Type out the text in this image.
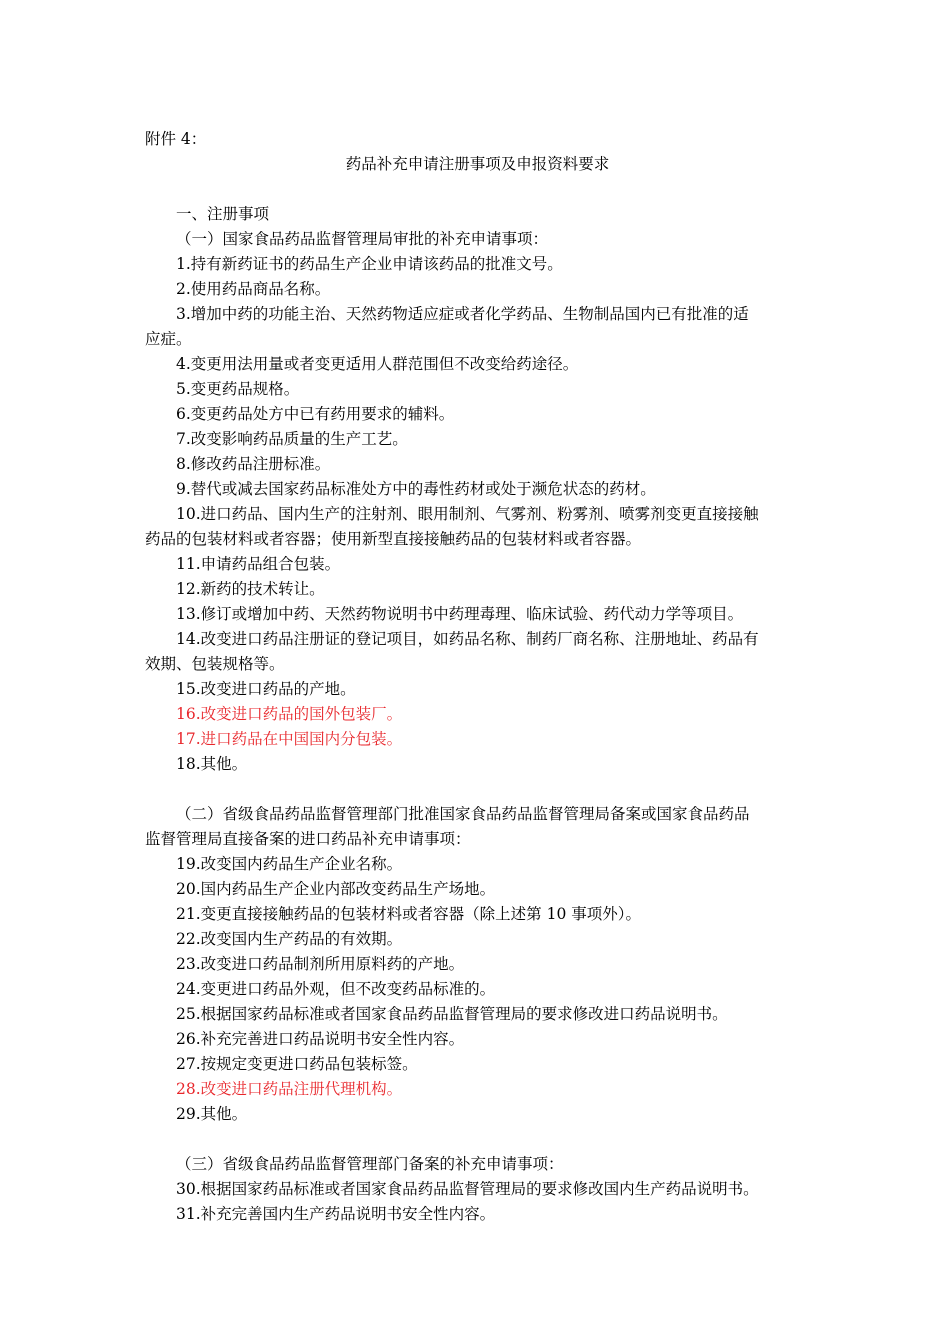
附件 4：
药品补充申请注册事项及申报资料要求
一、注册事项
（一）国家食品药品监督管理局审批的补充申请事项：
1.持有新药证书的药品生产企业申请该药品的批准文号。
2.使用药品商品名称。
3.增加中药的功能主治、天然药物适应症或者化学药品、生物制品国内已有批准的适
应症。
4.变更用法用量或者变更适用人群范围但不改变给药途径。
5.变更药品规格。
6.变更药品处方中已有药用要求的辅料。
7.改变影响药品质量的生产工艺。
8.修改药品注册标准。
9.替代或减去国家药品标准处方中的毒性药材或处于濒危状态的药材。
10.进口药品、国内生产的注射剂、眼用制剂、气雾剂、粉雾剂、喷雾剂变更直接接触
药品的包装材料或者容器；使用新型直接接触药品的包装材料或者容器。
11.申请药品组合包装。
12.新药的技术转让。
13.修订或增加中药、天然药物说明书中药理毒理、临床试验、药代动力学等项目。
14.改变进口药品注册证的登记项目，如药品名称、制药厂商名称、注册地址、药品有
效期、包装规格等。
15.改变进口药品的产地。
16.改变进口药品的国外包装厂。
17.进口药品在中国国内分包装。
18.其他。
（二）省级食品药品监督管理部门批准国家食品药品监督管理局备案或国家食品药品
监督管理局直接备案的进口药品补充申请事项：
19.改变国内药品生产企业名称。
20.国内药品生产企业内部改变药品生产场地。
21.变更直接接触药品的包装材料或者容器（除上述第 10 事项外）。
22.改变国内生产药品的有效期。
23.改变进口药品制剂所用原料药的产地。
24.变更进口药品外观，但不改变药品标准的。
25.根据国家药品标准或者国家食品药品监督管理局的要求修改进口药品说明书。
26.补充完善进口药品说明书安全性内容。
27.按规定变更进口药品包装标签。
28.改变进口药品注册代理机构。
29.其他。
（三）省级食品药品监督管理部门备案的补充申请事项：
30.根据国家药品标准或者国家食品药品监督管理局的要求修改国内生产药品说明书。
31.补充完善国内生产药品说明书安全性内容。
